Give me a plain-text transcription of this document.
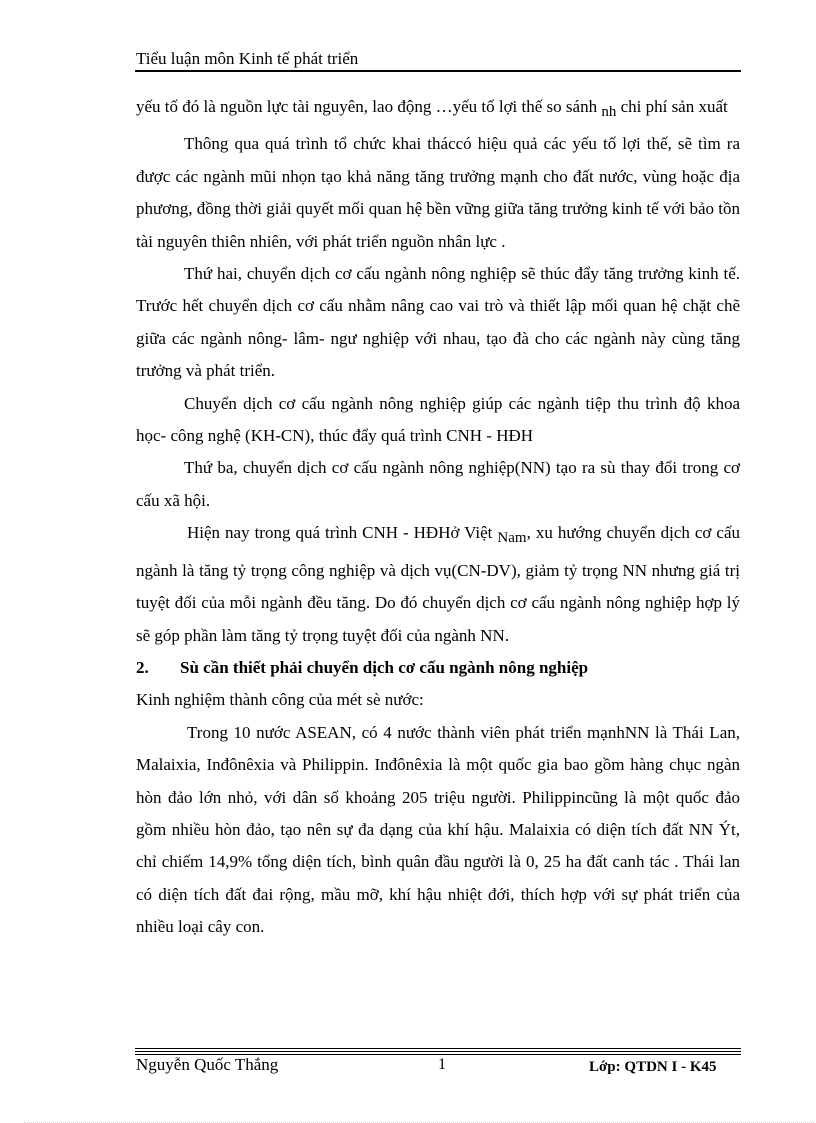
Tiểu luận môn Kinh tế phát triển

yếu tố đó là nguồn lực tài nguyên, lao động …yếu tố lợi thế so sánh nh chi phí sản xuất

Thông qua quá trình tổ chức khai tháccó hiệu quả các yếu tố lợi thế, sẽ tìm ra được các ngành mũi nhọn tạo khả năng tăng trưởng mạnh cho đất nước, vùng hoặc địa phương, đồng thời giải quyết mối quan hệ bền vững giữa tăng trưởng kinh tế với bảo tồn tài nguyên thiên nhiên, với phát triển nguồn nhân lực .

Thứ hai, chuyển dịch cơ cấu ngành nông nghiệp sẽ thúc đẩy tăng trưởng kinh tế. Trước hết chuyển dịch cơ cấu nhằm nâng cao vai trò và thiết lập mối quan hệ chặt chẽ giữa các ngành nông- lâm- ngư nghiệp với nhau, tạo đà cho các ngành này cùng tăng trưởng và phát triển.

Chuyển dịch cơ cấu ngành nông nghiệp giúp các ngành tiệp thu trình độ khoa học- công nghệ (KH-CN), thúc đẩy quá trình CNH - HĐH

Thứ ba, chuyển dịch cơ cấu ngành nông nghiệp(NN) tạo ra sù thay đổi trong cơ cấu xã hội.

Hiện nay trong quá trình CNH - HĐHở Việt Nam, xu hướng chuyển dịch cơ cấu ngành là tăng tỷ trọng công nghiệp và dịch vụ(CN-DV), giảm tỷ trọng NN nhưng giá trị tuyệt đối của mỗi ngành đều tăng. Do đó chuyển dịch cơ cấu ngành nông nghiệp hợp lý sẽ góp phần làm tăng tỷ trọng tuyệt đối của ngành NN.

2. Sù cần thiết phải chuyển dịch cơ cấu ngành nông nghiệp

Kinh nghiệm thành công của mét sè nước:

Trong 10 nước ASEAN, có 4 nước thành viên phát triển mạnhNN là Thái Lan, Malaixia, Inđônêxia và Philippin. Inđônêxia là một quốc gia bao gồm hàng chục ngàn hòn đảo lớn nhỏ, với dân số khoảng 205 triệu người. Philippincũng là một quốc đảo gồm nhiều hòn đảo, tạo nên sự đa dạng của khí hậu. Malaixia có diện tích đất NN Ýt, chỉ chiếm 14,9% tổng diện tích, bình quân đầu người là 0, 25 ha đất canh tác . Thái lan có diện tích đất đai rộng, mầu mỡ, khí hậu nhiệt đới, thích hợp với sự phát triển của nhiều loại cây con.

Nguyễn Quốc Thắng	1	Lớp: QTDN I - K45
